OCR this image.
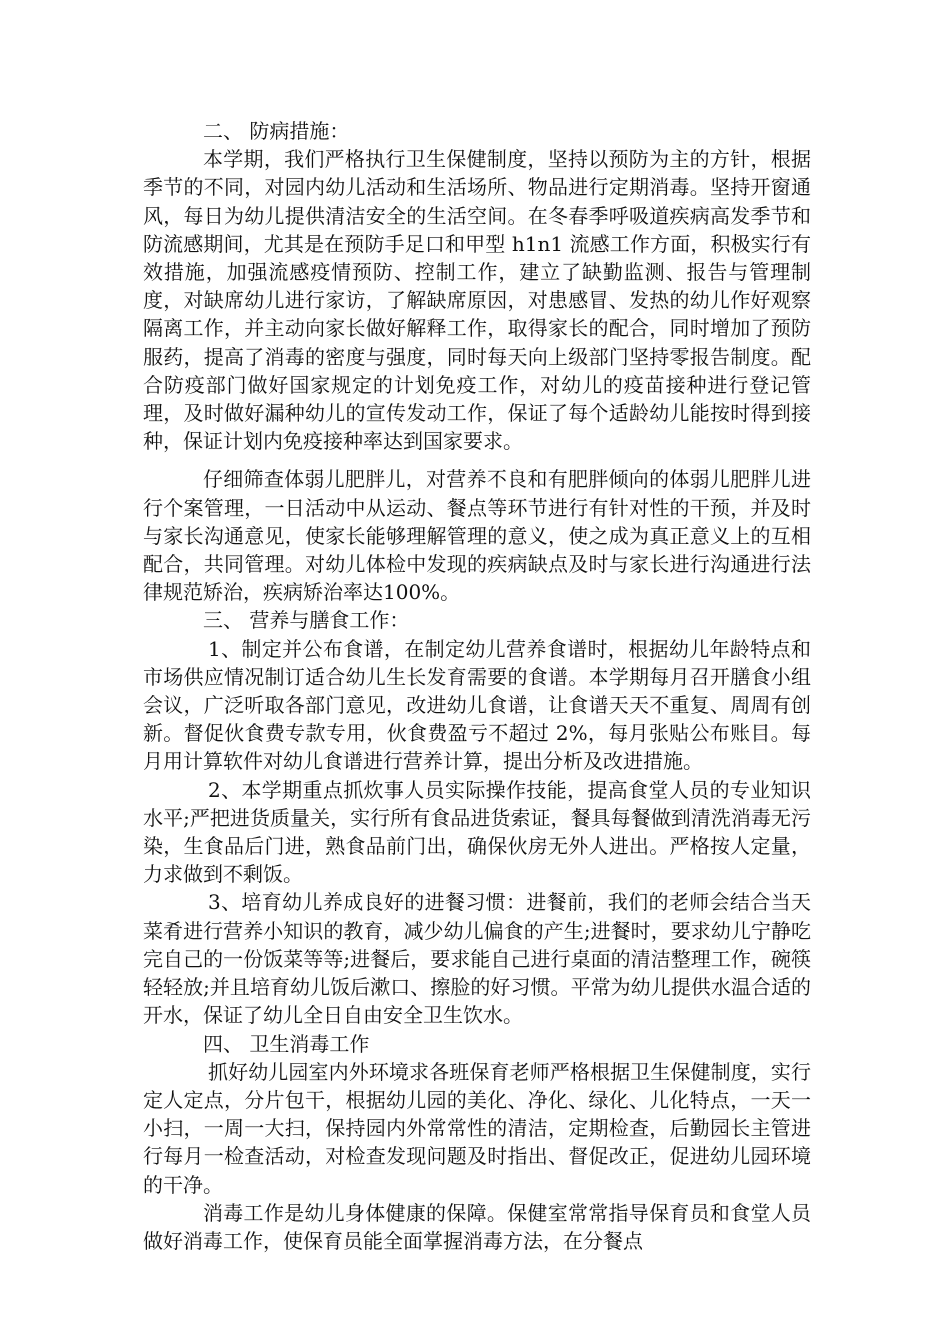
二、 防病措施：

本学期，我们严格执行卫生保健制度，坚持以预防为主的方针，根据季节的不同，对园内幼儿活动和生活场所、物品进行定期消毒。坚持开窗通风，每日为幼儿提供清洁安全的生活空间。在冬春季呼吸道疾病高发季节和防流感期间，尤其是在预防手足口和甲型 h1n1 流感工作方面，积极实行有效措施，加强流感疫情预防、控制工作，建立了缺勤监测、报告与管理制度，对缺席幼儿进行家访，了解缺席原因，对患感冒、发热的幼儿作好观察隔离工作，并主动向家长做好解释工作，取得家长的配合，同时增加了预防服药，提高了消毒的密度与强度，同时每天向上级部门坚持零报告制度。配合防疫部门做好国家规定的计划免疫工作，对幼儿的疫苗接种进行登记管理，及时做好漏种幼儿的宣传发动工作，保证了每个适龄幼儿能按时得到接种，保证计划内免疫接种率达到国家要求。

仔细筛查体弱儿肥胖儿，对营养不良和有肥胖倾向的体弱儿肥胖儿进行个案管理，一日活动中从运动、餐点等环节进行有针对性的干预，并及时与家长沟通意见，使家长能够理解管理的意义，使之成为真正意义上的互相配合，共同管理。对幼儿体检中发现的疾病缺点及时与家长进行沟通进行法律规范矫治，疾病矫治率达100%。

三、 营养与膳食工作：

1、制定并公布食谱，在制定幼儿营养食谱时，根据幼儿年龄特点和市场供应情况制订适合幼儿生长发育需要的食谱。本学期每月召开膳食小组会议，广泛听取各部门意见，改进幼儿食谱，让食谱天天不重复、周周有创新。督促伙食费专款专用，伙食费盈亏不超过 2%，每月张贴公布账目。每月用计算软件对幼儿食谱进行营养计算，提出分析及改进措施。

2、本学期重点抓炊事人员实际操作技能，提高食堂人员的专业知识水平;严把进货质量关，实行所有食品进货索证，餐具每餐做到清洗消毒无污染，生食品后门进，熟食品前门出，确保伙房无外人进出。严格按人定量，力求做到不剩饭。

3、培育幼儿养成良好的进餐习惯：进餐前，我们的老师会结合当天菜肴进行营养小知识的教育，减少幼儿偏食的产生;进餐时，要求幼儿宁静吃完自己的一份饭菜等等;进餐后，要求能自己进行桌面的清洁整理工作，碗筷轻轻放;并且培育幼儿饭后漱口、擦脸的好习惯。平常为幼儿提供水温合适的开水，保证了幼儿全日自由安全卫生饮水。

四、 卫生消毒工作

抓好幼儿园室内外环境求各班保育老师严格根据卫生保健制度，实行定人定点，分片包干，根据幼儿园的美化、净化、绿化、儿化特点，一天一小扫，一周一大扫，保持园内外常常性的清洁，定期检查，后勤园长主管进行每月一检查活动，对检查发现问题及时指出、督促改正，促进幼儿园环境的干净。

消毒工作是幼儿身体健康的保障。保健室常常指导保育员和食堂人员做好消毒工作，使保育员能全面掌握消毒方法，在分餐点
